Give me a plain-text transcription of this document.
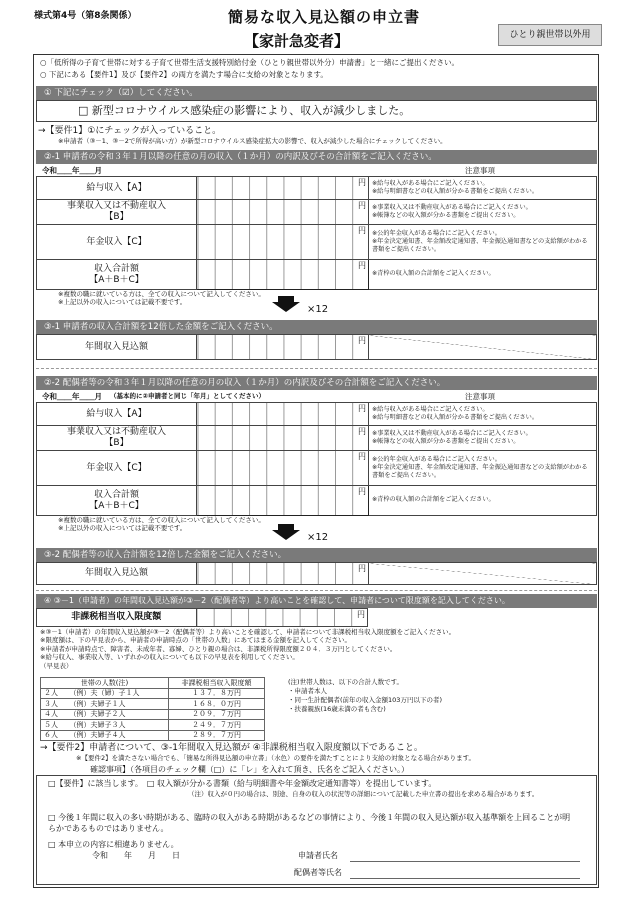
様式第4号（第8条関係）	簡易な収入見込額の申立書
【家計急変者】	ひとり親世帯以外用
○「低所得の子育て世帯に対する子育て世帯生活支援特別給付金（ひとり親世帯以外分）申請書」と一緒にご提出ください。
○ 下記にある【要件1】及び【要件2】の両方を満たす場合に支給の対象となります。
① 下記にチェック（☑）してください。
□ 新型コロナウイルス感染症の影響により、収入が減少しました。
→【要件1】①にチェックが入っていること。
※申請者（③－1、③－2で所得が高い方）が新型コロナウイルス感染症拡大の影響で、収入が減少した場合にチェックしてください。
②-1 申請者の令和３年１月以降の任意の月の収入（１か月）の内訳及びその合計額をご記入ください。
令和＿＿年＿＿月	注意事項
給与収入【A】	円	※給与収入がある場合にご記入ください。
※給与明細書などの収入額が分かる書類をご提出ください。
事業収入又は不動産収入
【B】	円	※事業収入又は不動産収入がある場合にご記入ください。
※帳簿などの収入額が分かる書類をご提出ください。
年金収入【C】	円	※公的年金収入がある場合にご記入ください。
※年金決定通知書、年金額改定通知書、年金振込通知書などの支給額がわかる書類をご提出ください。
収入合計額
【A＋B＋C】	円	※青枠の収入額の合計額をご記入ください。
※複数の職に就いている方は、全ての収入について記入してください。
※上記以外の収入については記載不要です。
×12
③-1 申請者の収入合計額を12倍した金額をご記入ください。
年間収入見込額	
円

②-2 配偶者等の令和３年１月以降の任意の月の収入（１か月）の内訳及びその合計額をご記入ください。
令和＿＿年＿＿月 （基本的に②申請者と同じ「年月」としてください）	注意事項
給与収入【A】	円	※給与収入がある場合にご記入ください。
※給与明細書などの収入額が分かる書類をご提出ください。
事業収入又は不動産収入
【B】	円	※事業収入又は不動産収入がある場合にご記入ください。
※帳簿などの収入額が分かる書類をご提出ください。
年金収入【C】	円	※公的年金収入がある場合にご記入ください。
※年金決定通知書、年金額改定通知書、年金振込通知書などの支給額がわかる書類をご提出ください。
収入合計額
【A＋B＋C】	円	※青枠の収入額の合計額をご記入ください。
※複数の職に就いている方は、全ての収入について記入してください。
※上記以外の収入については記載不要です。
×12
③-2 配偶者等の収入合計額を12倍した金額をご記入ください。
年間収入見込額	円

④ ③－1（申請者）の年間収入見込額が③－2（配偶者等）より高いことを確認して、申請者について限度額を記入してください。
非課税相当収入限度額	円
※③－1（申請者）の年間収入見込額が③－2（配偶者等）より高いことを確認して、申請者について非課税相当収入限度額をご記入ください。
※限度額は、下の早見表から、申請者の申請時点の「世帯の人数」にあてはまる金額を記入してください。
※申請者が申請時点で、障害者、未成年者、寡婦、ひとり親の場合は、非課税所得限度額２０４．３万円としてください。
※給与収入、事業収入等、いずれかの収入についても以下の早見表を利用してください。
（早見表）
世帯の人数(注)		非課税相当収入限度額
２人	（例）夫（婦）子１人	１３７．８万円
３人	（例）夫婦子１人	１６８．０万円
４人	（例）夫婦子２人	２０９．７万円
５人	（例）夫婦子３人	２４９．７万円
６人	（例）夫婦子４人	２８９．７万円
(注)世帯人数は、以下の合計人数です。
・申請者本人
・同一生計配偶者(前年の収入金額103万円以下の者)
・扶養親族(16歳未満の者も含む)
→【要件2】申請者について、③-1年間収入見込額が ④非課税相当収入限度額以下であること。
※【要件2】を満たさない場合でも、「簡易な所得見込額の申立書」（水色）の要件を満たすことにより支給の対象となる場合があります。
確認事項】（各項目のチェック欄（□）に「レ」を入れて頂き、氏名をご記入ください。）
□【要件】に該当します。　□ 収入額が分かる書類（給与明細書や年金額改定通知書等）を提出しています。
（注）収入が０円の場合は、別途、自身の収入の状況等の詳細について記載した申立書の提出を求める場合があります。
□ 今後１年間に収入の多い時期がある、臨時の収入がある時期があるなどの事情により、今後１年間の収入見込額が収入基準額を上回ることが明らかであるものではありません。
□ 本申立の内容に相違ありません。
令和　　年　　月　　日	申請者氏名
配偶者等氏名
